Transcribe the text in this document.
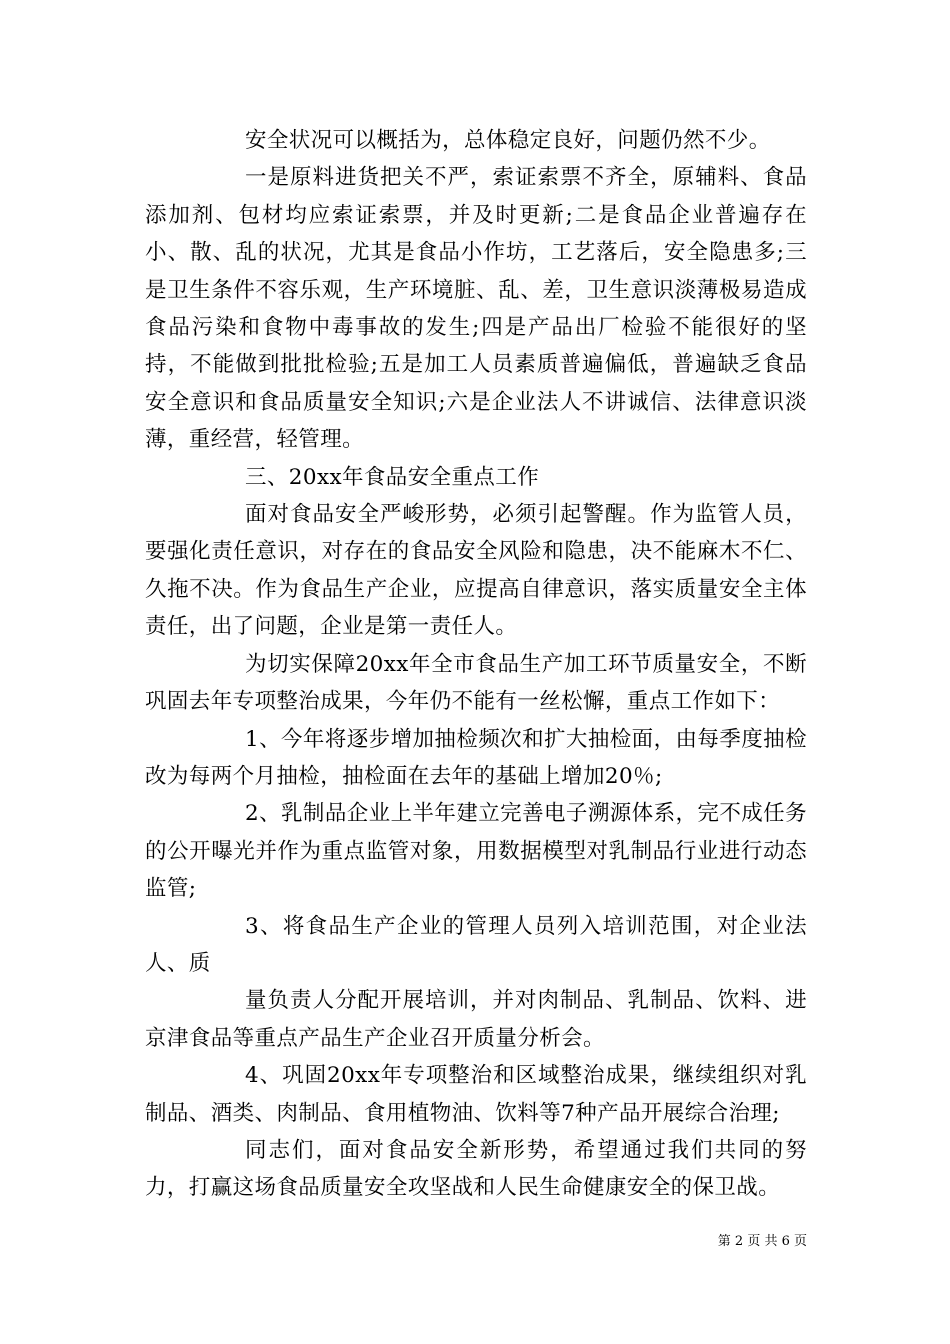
安全状况可以概括为，总体稳定良好，问题仍然不少。

一是原料进货把关不严，索证索票不齐全，原辅料、食品添加剂、包材均应索证索票，并及时更新;二是食品企业普遍存在小、散、乱的状况，尤其是食品小作坊，工艺落后，安全隐患多;三是卫生条件不容乐观，生产环境脏、乱、差，卫生意识淡薄极易造成食品污染和食物中毒事故的发生;四是产品出厂检验不能很好的坚持，不能做到批批检验;五是加工人员素质普遍偏低，普遍缺乏食品安全意识和食品质量安全知识;六是企业法人不讲诚信、法律意识淡薄，重经营，轻管理。

三、20xx年食品安全重点工作

面对食品安全严峻形势，必须引起警醒。作为监管人员，要强化责任意识，对存在的食品安全风险和隐患，决不能麻木不仁、久拖不决。作为食品生产企业，应提高自律意识，落实质量安全主体责任，出了问题，企业是第一责任人。

为切实保障20xx年全市食品生产加工环节质量安全，不断巩固去年专项整治成果，今年仍不能有一丝松懈，重点工作如下：

1、今年将逐步增加抽检频次和扩大抽检面，由每季度抽检改为每两个月抽检，抽检面在去年的基础上增加20％;

2、乳制品企业上半年建立完善电子溯源体系，完不成任务的公开曝光并作为重点监管对象，用数据模型对乳制品行业进行动态监管;

3、将食品生产企业的管理人员列入培训范围，对企业法人、质

量负责人分配开展培训，并对肉制品、乳制品、饮料、进京津食品等重点产品生产企业召开质量分析会。

4、巩固20xx年专项整治和区域整治成果，继续组织对乳制品、酒类、肉制品、食用植物油、饮料等7种产品开展综合治理;

同志们，面对食品安全新形势，希望通过我们共同的努力，打赢这场食品质量安全攻坚战和人民生命健康安全的保卫战。

第 2 页 共 6 页
